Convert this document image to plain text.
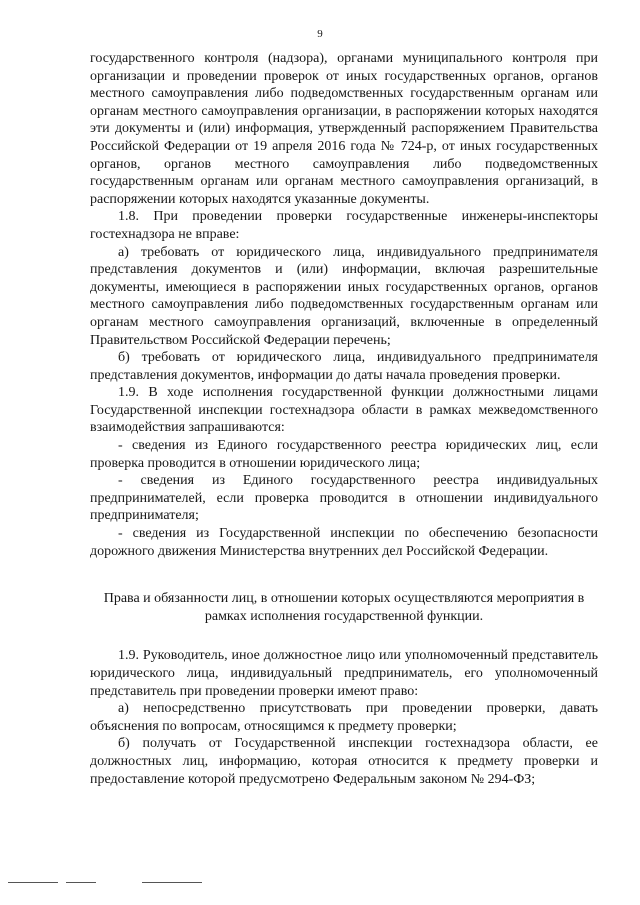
9

государственного контроля (надзора), органами муниципального контроля при организации и проведении проверок от иных государственных органов, органов местного самоуправления либо подведомственных государственным органам или органам местного самоуправления организации, в распоряжении которых находятся эти документы и (или) информация, утвержденный распоряжением Правительства Российской Федерации от 19 апреля 2016 года № 724-р, от иных государственных органов, органов местного самоуправления либо подведомственных государственным органам или органам местного самоуправления организаций, в распоряжении которых находятся указанные документы.

1.8. При проведении проверки государственные инженеры-инспекторы гостехнадзора не вправе:

а) требовать от юридического лица, индивидуального предпринимателя представления документов и (или) информации, включая разрешительные документы, имеющиеся в распоряжении иных государственных органов, органов местного самоуправления либо подведомственных государственным органам или органам местного самоуправления организаций, включенные в определенный Правительством Российской Федерации перечень;

б) требовать от юридического лица, индивидуального предпринимателя представления документов, информации до даты начала проведения проверки.

1.9. В ходе исполнения государственной функции должностными лицами Государственной инспекции гостехнадзора области в рамках межведомственного взаимодействия запрашиваются:

- сведения из Единого государственного реестра юридических лиц, если проверка проводится в отношении юридического лица;

- сведения из Единого государственного реестра индивидуальных предпринимателей, если проверка проводится в отношении индивидуального предпринимателя;

- сведения из Государственной инспекции по обеспечению безопасности дорожного движения Министерства внутренних дел Российской Федерации.

Права и обязанности лиц, в отношении которых осуществляются мероприятия в рамках исполнения государственной функции.

1.9. Руководитель, иное должностное лицо или уполномоченный представитель юридического лица, индивидуальный предприниматель, его уполномоченный представитель при проведении проверки имеют право:

а) непосредственно присутствовать при проведении проверки, давать объяснения по вопросам, относящимся к предмету проверки;

б) получать от Государственной инспекции гостехнадзора области, ее должностных лиц, информацию, которая относится к предмету проверки и предоставление которой предусмотрено Федеральным законом № 294-ФЗ;
